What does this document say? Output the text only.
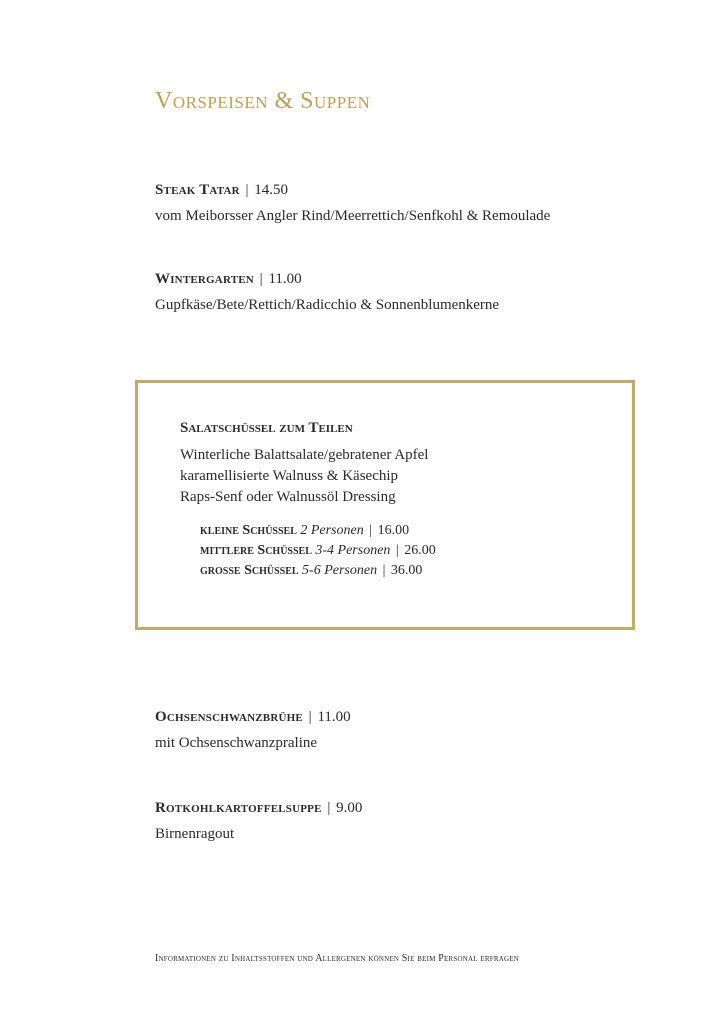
Vorspeisen & Suppen
Steak Tatar | 14.50
vom Meiborsser Angler Rind/Meerrettich/Senfkohl & Remoulade
Wintergarten | 11.00
Gupfkäse/Bete/Rettich/Radicchio & Sonnenblumenkerne
Salatschüssel zum Teilen
Winterliche Balattsalate/gebratener Apfel
karamellisierte Walnuss & Käsechip
Raps-Senf oder Walnussöl Dressing
kleine Schüssel 2 Personen | 16.00
mittlere Schüssel 3-4 Personen | 26.00
große Schüssel 5-6 Personen | 36.00
Ochsenschwanzbrühe | 11.00
mit Ochsenschwanzpraline
Rotkohlkartoffelsuppe | 9.00
Birnenragout
Informationen zu Inhaltsstoffen und Allergenen können Sie beim Personal erfragen
